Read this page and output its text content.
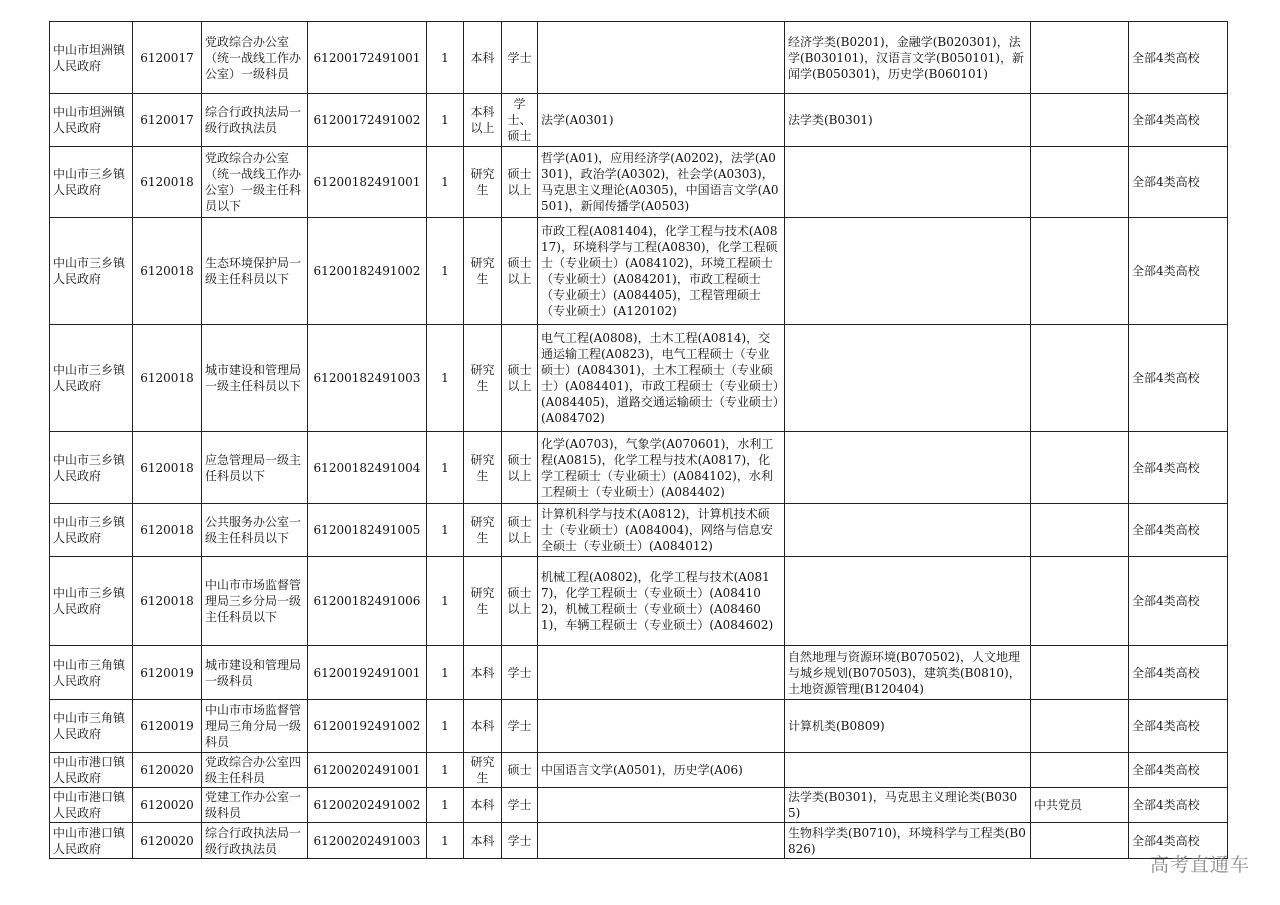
中山市坦洲镇人民政府	6120017	党政综合办公室（统一战线工作办公室）一级科员	61200172491001	1	本科	学士		经济学类(B0201)，金融学(B020301)，法学(B030101)，汉语言文学(B050101)，新闻学(B050301)，历史学(B060101)		全部4类高校
中山市坦洲镇人民政府	6120017	综合行政执法局一级行政执法员	61200172491002	1	本科以上	学士、硕士	法学(A0301)	法学类(B0301)		全部4类高校
中山市三乡镇人民政府	6120018	党政综合办公室（统一战线工作办公室）一级主任科员以下	61200182491001	1	研究生	硕士以上	哲学(A01)，应用经济学(A0202)，法学(A0301)，政治学(A0302)，社会学(A0303)，马克思主义理论(A0305)，中国语言文学(A0501)，新闻传播学(A0503)			全部4类高校
中山市三乡镇人民政府	6120018	生态环境保护局一级主任科员以下	61200182491002	1	研究生	硕士以上	市政工程(A081404)，化学工程与技术(A0817)，环境科学与工程(A0830)，化学工程硕士（专业硕士）(A084102)，环境工程硕士（专业硕士）(A084201)，市政工程硕士（专业硕士）(A084405)，工程管理硕士（专业硕士）(A120102)			全部4类高校
中山市三乡镇人民政府	6120018	城市建设和管理局一级主任科员以下	61200182491003	1	研究生	硕士以上	电气工程(A0808)，土木工程(A0814)，交通运输工程(A0823)，电气工程硕士（专业硕士）(A084301)，土木工程硕士（专业硕士）(A084401)，市政工程硕士（专业硕士）(A084405)，道路交通运输硕士（专业硕士）(A084702)			全部4类高校
中山市三乡镇人民政府	6120018	应急管理局一级主任科员以下	61200182491004	1	研究生	硕士以上	化学(A0703)，气象学(A070601)，水利工程(A0815)，化学工程与技术(A0817)，化学工程硕士（专业硕士）(A084102)，水利工程硕士（专业硕士）(A084402)			全部4类高校
中山市三乡镇人民政府	6120018	公共服务办公室一级主任科员以下	61200182491005	1	研究生	硕士以上	计算机科学与技术(A0812)，计算机技术硕士（专业硕士）(A084004)，网络与信息安全硕士（专业硕士）(A084012)			全部4类高校
中山市三乡镇人民政府	6120018	中山市市场监督管理局三乡分局一级主任科员以下	61200182491006	1	研究生	硕士以上	机械工程(A0802)，化学工程与技术(A0817)，化学工程硕士（专业硕士）(A084102)，机械工程硕士（专业硕士）(A084601)，车辆工程硕士（专业硕士）(A084602)			全部4类高校
中山市三角镇人民政府	6120019	城市建设和管理局一级科员	61200192491001	1	本科	学士		自然地理与资源环境(B070502)，人文地理与城乡规划(B070503)，建筑类(B0810)，土地资源管理(B120404)		全部4类高校
中山市三角镇人民政府	6120019	中山市市场监督管理局三角分局一级科员	61200192491002	1	本科	学士		计算机类(B0809)		全部4类高校
中山市港口镇人民政府	6120020	党政综合办公室四级主任科员	61200202491001	1	研究生	硕士	中国语言文学(A0501)，历史学(A06)			全部4类高校
中山市港口镇人民政府	6120020	党建工作办公室一级科员	61200202491002	1	本科	学士		法学类(B0301)，马克思主义理论类(B0305)	中共党员	全部4类高校
中山市港口镇人民政府	6120020	综合行政执法局一级行政执法员	61200202491003	1	本科	学士		生物科学类(B0710)，环境科学与工程类(B0826)		全部4类高校
高考直通车
